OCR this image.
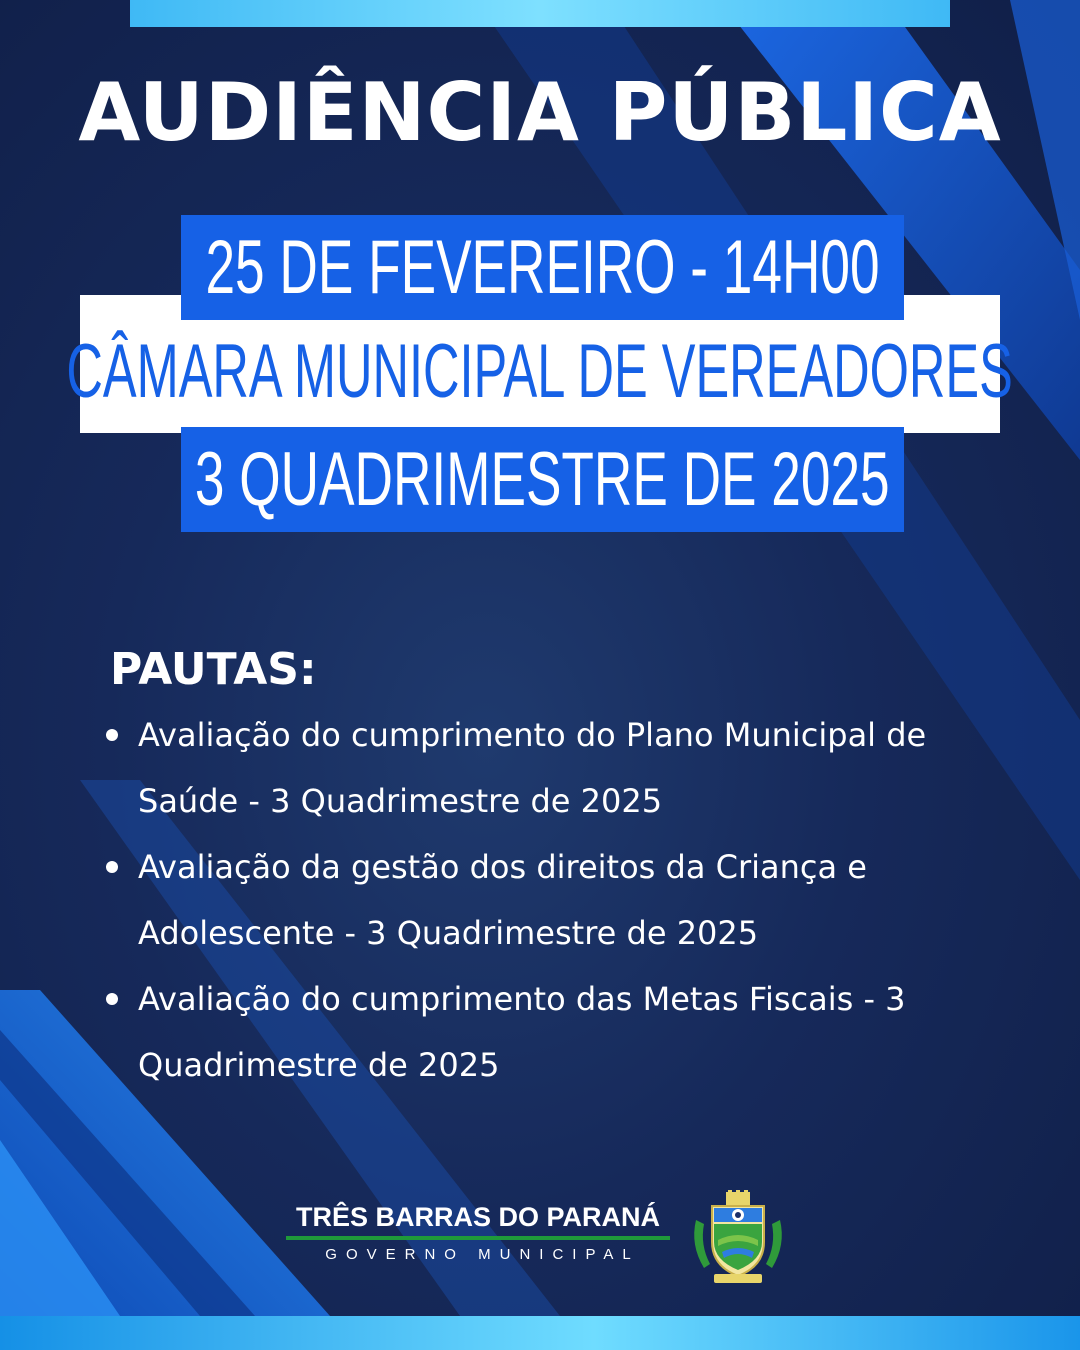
AUDIÊNCIA PÚBLICA
25 DE FEVEREIRO - 14H00
CÂMARA MUNICIPAL DE VEREADORES
3 QUADRIMESTRE DE 2025
PAUTAS:
Avaliação do cumprimento do Plano Municipal de Saúde - 3 Quadrimestre de 2025
Avaliação da gestão dos direitos da Criança e Adolescente - 3 Quadrimestre de 2025
Avaliação do cumprimento das Metas Fiscais - 3 Quadrimestre de 2025
TRÊS BARRAS DO PARANÁ
GOVERNO MUNICIPAL
